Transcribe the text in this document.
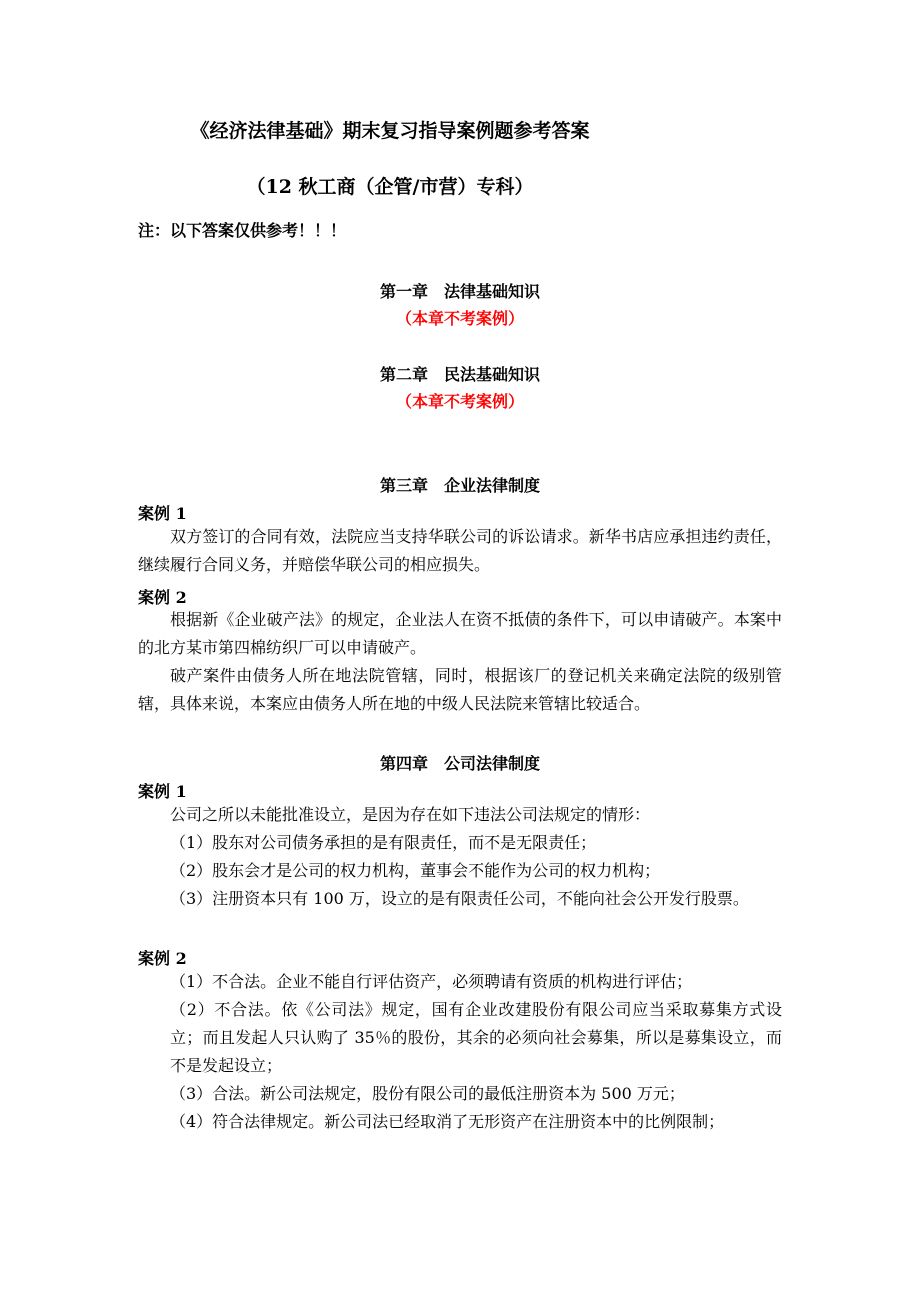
《经济法律基础》期末复习指导案例题参考答案
（12 秋工商（企管/市营）专科）
注：以下答案仅供参考！！！
第一章　法律基础知识
（本章不考案例）
第二章　民法基础知识
（本章不考案例）
第三章　企业法律制度
案例 1
双方签订的合同有效，法院应当支持华联公司的诉讼请求。新华书店应承担违约责任，继续履行合同义务，并赔偿华联公司的相应损失。
案例 2
根据新《企业破产法》的规定，企业法人在资不抵债的条件下，可以申请破产。本案中的北方某市第四棉纺织厂可以申请破产。
破产案件由债务人所在地法院管辖，同时，根据该厂的登记机关来确定法院的级别管辖，具体来说，本案应由债务人所在地的中级人民法院来管辖比较适合。
第四章　公司法律制度
案例 1
公司之所以未能批准设立，是因为存在如下违法公司法规定的情形：
（1）股东对公司债务承担的是有限责任，而不是无限责任；
（2）股东会才是公司的权力机构，董事会不能作为公司的权力机构；
（3）注册资本只有 100 万，设立的是有限责任公司，不能向社会公开发行股票。
案例 2
（1）不合法。企业不能自行评估资产，必须聘请有资质的机构进行评估；
（2）不合法。依《公司法》规定，国有企业改建股份有限公司应当采取募集方式设立；而且发起人只认购了 35％的股份，其余的必须向社会募集，所以是募集设立，而不是发起设立；
（3）合法。新公司法规定，股份有限公司的最低注册资本为 500 万元；
（4）符合法律规定。新公司法已经取消了无形资产在注册资本中的比例限制；
